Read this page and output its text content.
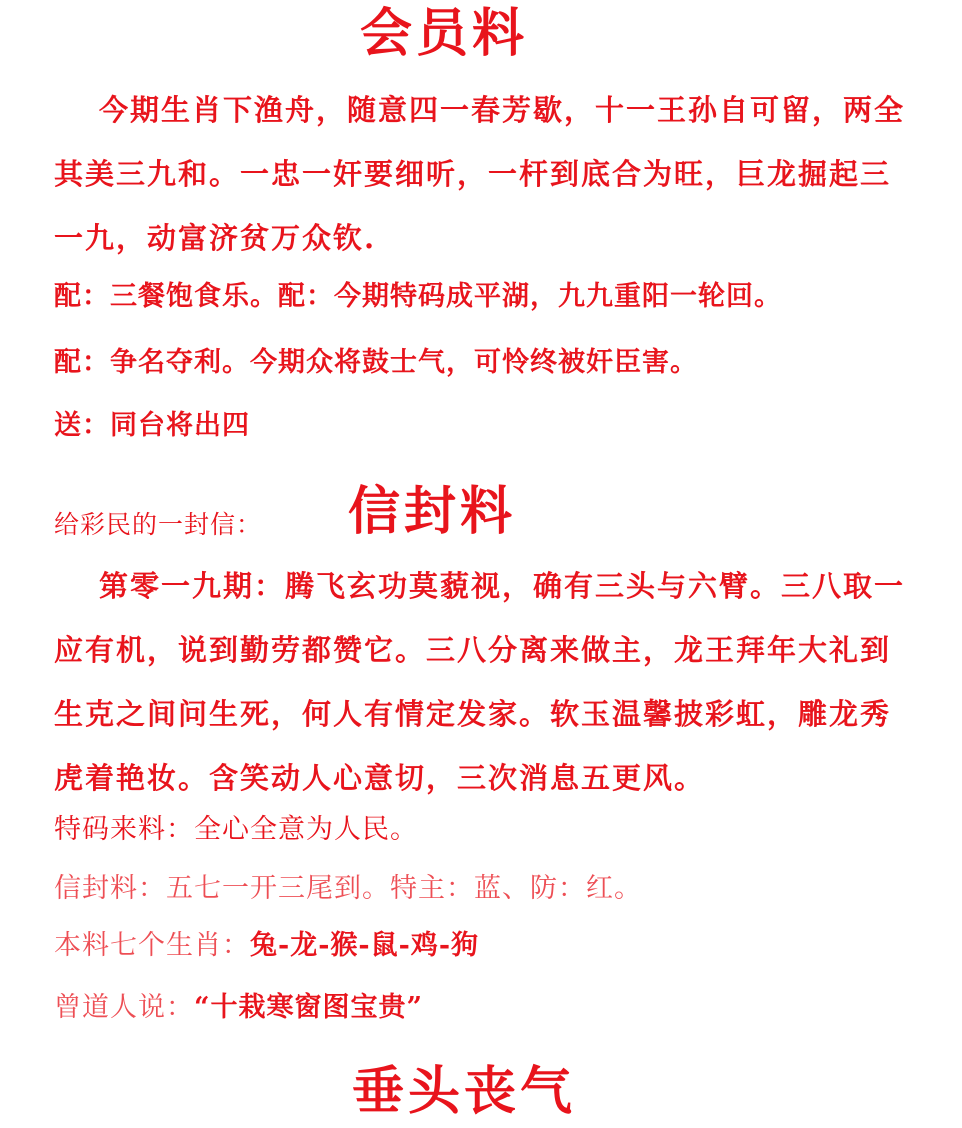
会员料
今期生肖下渔舟，随意四一春芳歇，十一王孙自可留，两全其美三九和。一忠一奸要细听，一杆到底合为旺，巨龙掘起三一九，动富济贫万众钦.
配：三餐饱食乐。配：今期特码成平湖，九九重阳一轮回。
配：争名夺利。今期众将鼓士气，可怜终被奸臣害。
送：同台将出四
给彩民的一封信： 信封料
第零一九期：腾飞玄功莫藐视，确有三头与六臂。三八取一应有机，说到勤劳都赞它。三八分离来做主，龙王拜年大礼到生克之间问生死，何人有情定发家。软玉温馨披彩虹，雕龙秀虎着艳妆。含笑动人心意切，三次消息五更风。
特码来料：全心全意为人民。
信封料：五七一开三尾到。特主：蓝、防：红。
本料七个生肖：兔-龙-猴-鼠-鸡-狗
曾道人说：“十栽寒窗图宝贵”
垂头丧气
